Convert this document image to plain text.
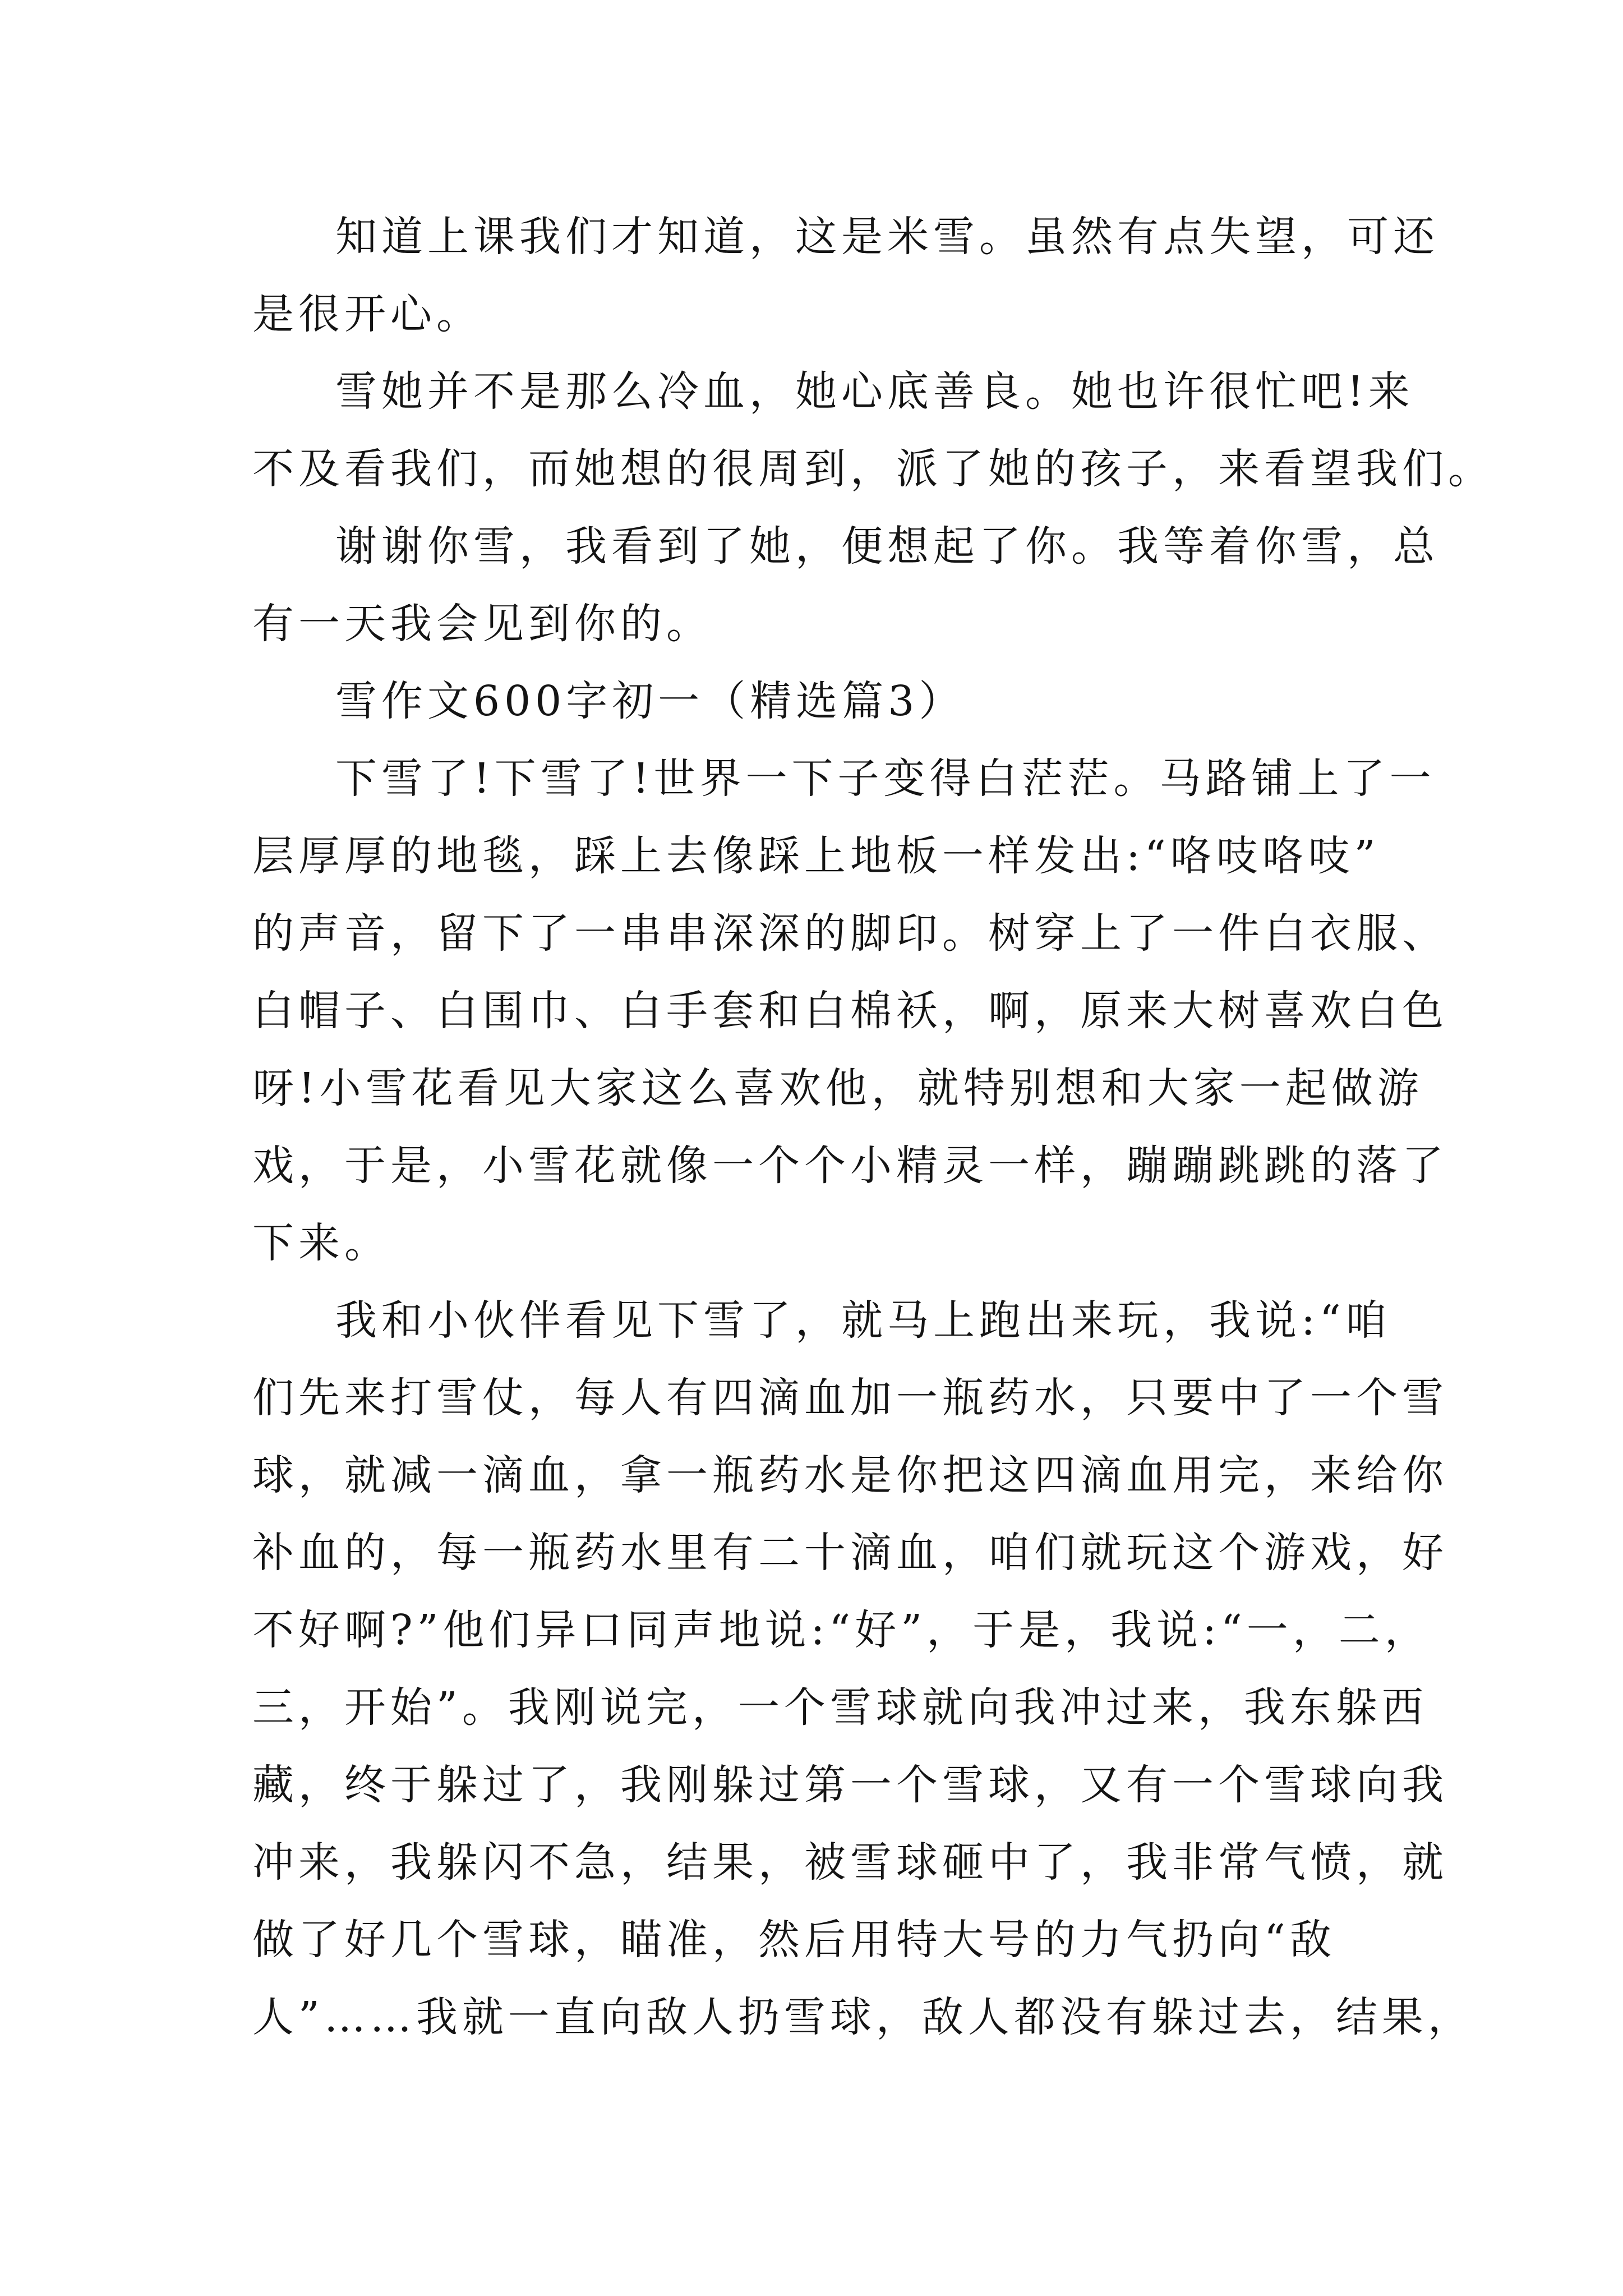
知道上课我们才知道，这是米雪。虽然有点失望，可还

是很开心。

雪她并不是那么冷血，她心底善良。她也许很忙吧!来

不及看我们，而她想的很周到，派了她的孩子，来看望我们。

谢谢你雪，我看到了她，便想起了你。我等着你雪，总

有一天我会见到你的。

雪作文600字初一（精选篇3）

下雪了!下雪了!世界一下子变得白茫茫。马路铺上了一

层厚厚的地毯，踩上去像踩上地板一样发出:“咯吱咯吱”

的声音，留下了一串串深深的脚印。树穿上了一件白衣服、

白帽子、白围巾、白手套和白棉袄，啊，原来大树喜欢白色

呀!小雪花看见大家这么喜欢他，就特别想和大家一起做游

戏，于是，小雪花就像一个个小精灵一样，蹦蹦跳跳的落了

下来。

我和小伙伴看见下雪了，就马上跑出来玩，我说:“咱

们先来打雪仗，每人有四滴血加一瓶药水，只要中了一个雪

球，就减一滴血，拿一瓶药水是你把这四滴血用完，来给你

补血的，每一瓶药水里有二十滴血，咱们就玩这个游戏，好

不好啊?”他们异口同声地说:“好”，于是，我说:“一，二，

三，开始”。我刚说完，一个雪球就向我冲过来，我东躲西

藏，终于躲过了，我刚躲过第一个雪球，又有一个雪球向我

冲来，我躲闪不急，结果，被雪球砸中了，我非常气愤，就

做了好几个雪球，瞄准，然后用特大号的力气扔向“敌

人”……我就一直向敌人扔雪球，敌人都没有躲过去，结果，
